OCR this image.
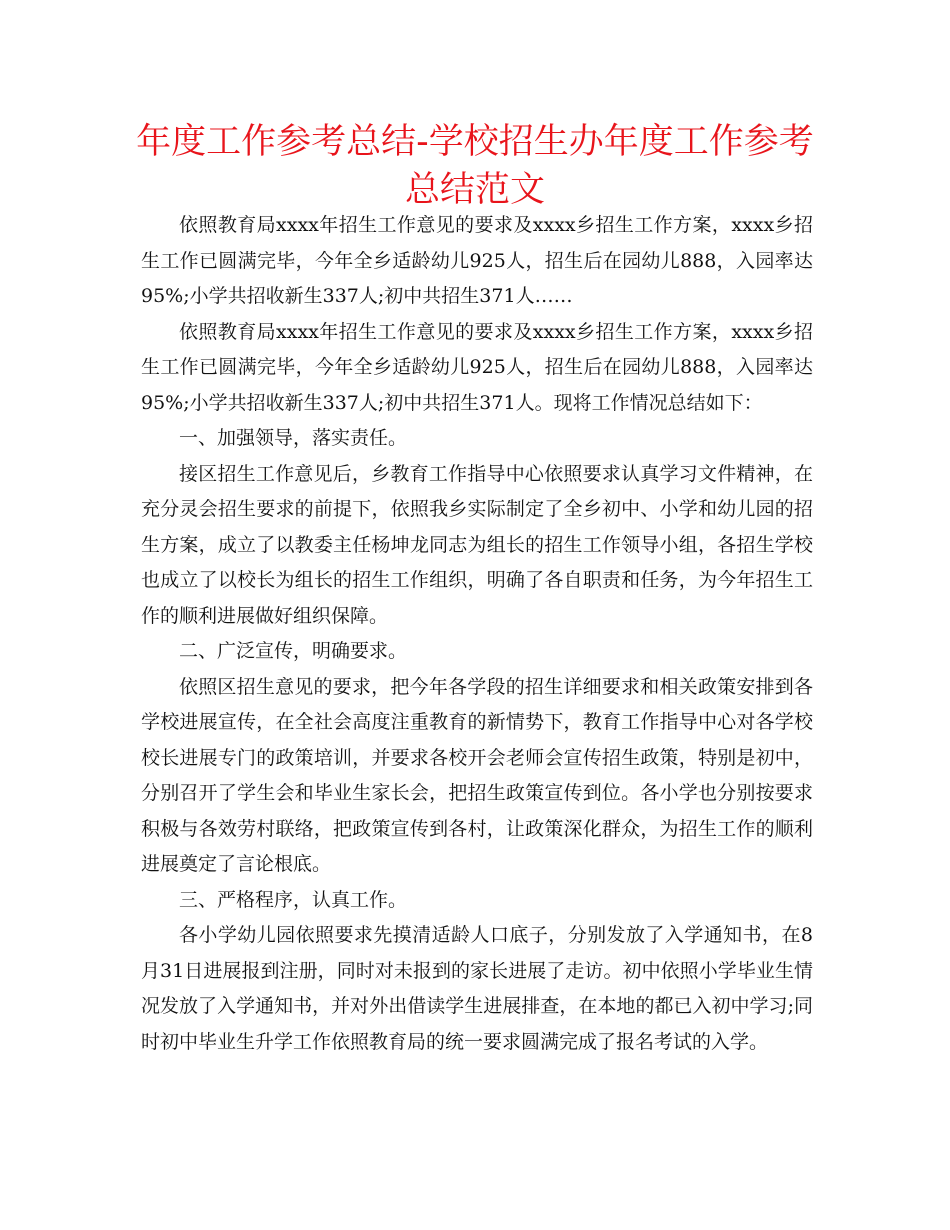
年度工作参考总结-学校招生办年度工作参考总结范文

依照教育局xxxx年招生工作意见的要求及xxxx乡招生工作方案，xxxx乡招生工作已圆满完毕，今年全乡适龄幼儿925人，招生后在园幼儿888，入园率达95%;小学共招收新生337人;初中共招生371人……

依照教育局xxxx年招生工作意见的要求及xxxx乡招生工作方案，xxxx乡招生工作已圆满完毕，今年全乡适龄幼儿925人，招生后在园幼儿888，入园率达95%;小学共招收新生337人;初中共招生371人。现将工作情况总结如下：

一、加强领导，落实责任。

接区招生工作意见后，乡教育工作指导中心依照要求认真学习文件精神，在充分灵会招生要求的前提下，依照我乡实际制定了全乡初中、小学和幼儿园的招生方案，成立了以教委主任杨坤龙同志为组长的招生工作领导小组，各招生学校也成立了以校长为组长的招生工作组织，明确了各自职责和任务，为今年招生工作的顺利进展做好组织保障。

二、广泛宣传，明确要求。

依照区招生意见的要求，把今年各学段的招生详细要求和相关政策安排到各学校进展宣传，在全社会高度注重教育的新情势下，教育工作指导中心对各学校校长进展专门的政策培训，并要求各校开会老师会宣传招生政策，特别是初中，分别召开了学生会和毕业生家长会，把招生政策宣传到位。各小学也分别按要求积极与各效劳村联络，把政策宣传到各村，让政策深化群众，为招生工作的顺利进展奠定了言论根底。

三、严格程序，认真工作。

各小学幼儿园依照要求先摸清适龄人口底子，分别发放了入学通知书，在8月31日进展报到注册，同时对未报到的家长进展了走访。初中依照小学毕业生情况发放了入学通知书，并对外出借读学生进展排查，在本地的都已入初中学习;同时初中毕业生升学工作依照教育局的统一要求圆满完成了报名考试的入学。
